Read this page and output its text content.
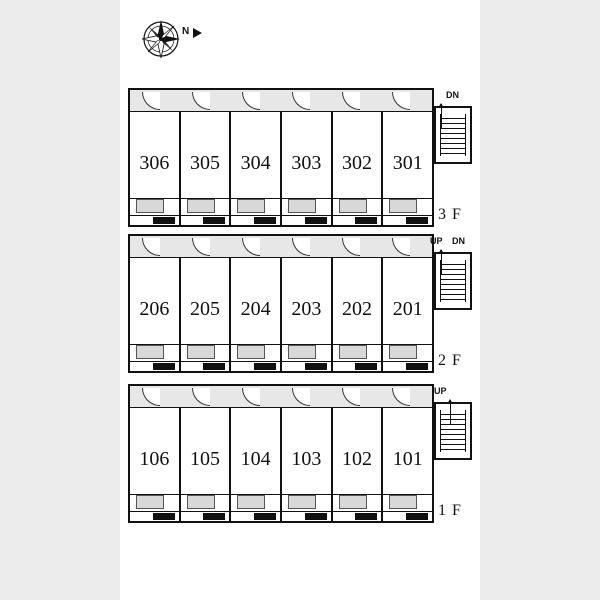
N
306	305	304	303	302	301
DN
3 F
206	205	204	203	202	201
UP DN
2 F
106	105	104	103	102	101
UP
1 F
